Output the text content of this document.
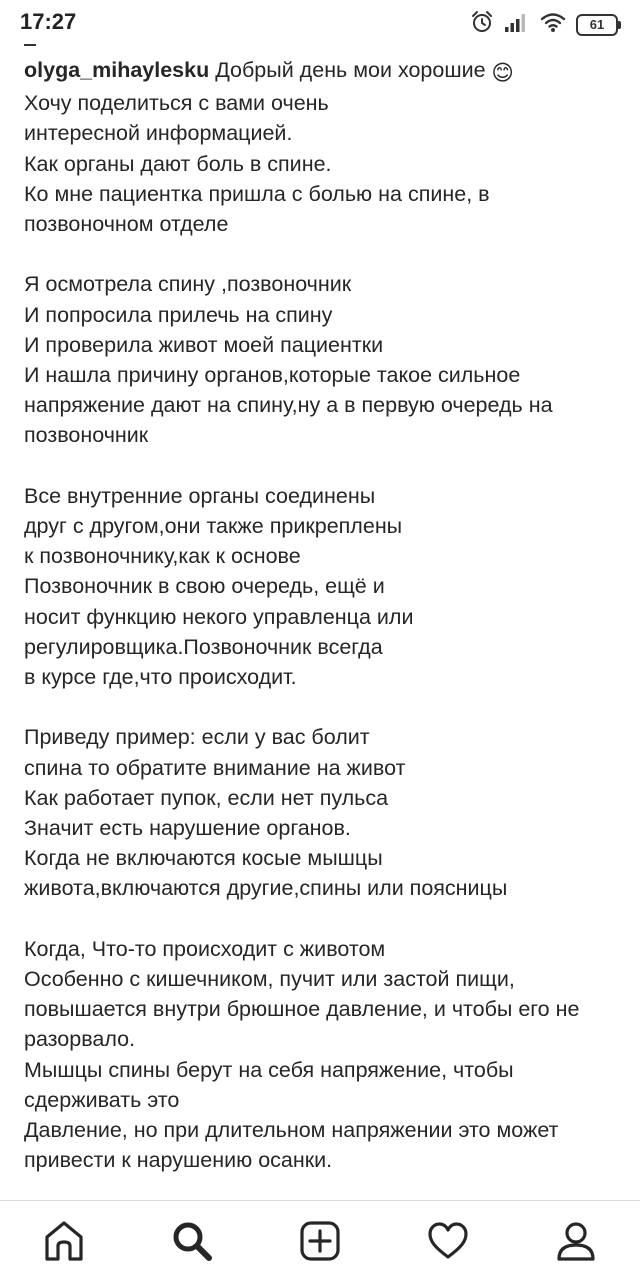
17:27	61

olyga_mihaylesku Добрый день мои хорошие 😊

Хочу поделиться с вами очень

интересной информацией.

Как органы дают боль в спине.

Ко мне пациентка пришла с болью на спине, в

позвоночном отделе

Я осмотрела спину ,позвоночник

И попросила прилечь на спину

И проверила живот моей пациентки

И нашла причину органов,которые такое сильное

напряжение дают на спину,ну а в первую очередь на

позвоночник

Все внутренние органы соединены

друг с другом,они также прикреплены

к позвоночнику,как к основе

Позвоночник в свою очередь, ещё и

носит функцию некого управленца или

регулировщика.Позвоночник всегда

в курсе где,что происходит.

Приведу пример: если у вас болит

спина то обратите внимание на живот

Как работает пупок, если нет пульса

Значит есть нарушение органов.

Когда не включаются косые мышцы

живота,включаются другие,спины или поясницы

Когда, Что-то происходит с животом

Особенно с кишечником, пучит или застой пищи,

повышается внутри брюшное давление, и чтобы его не

разорвало.

Мышцы спины берут на себя напряжение, чтобы

сдерживать это

Давление, но при длительном напряжении это может

привести к нарушению осанки.
